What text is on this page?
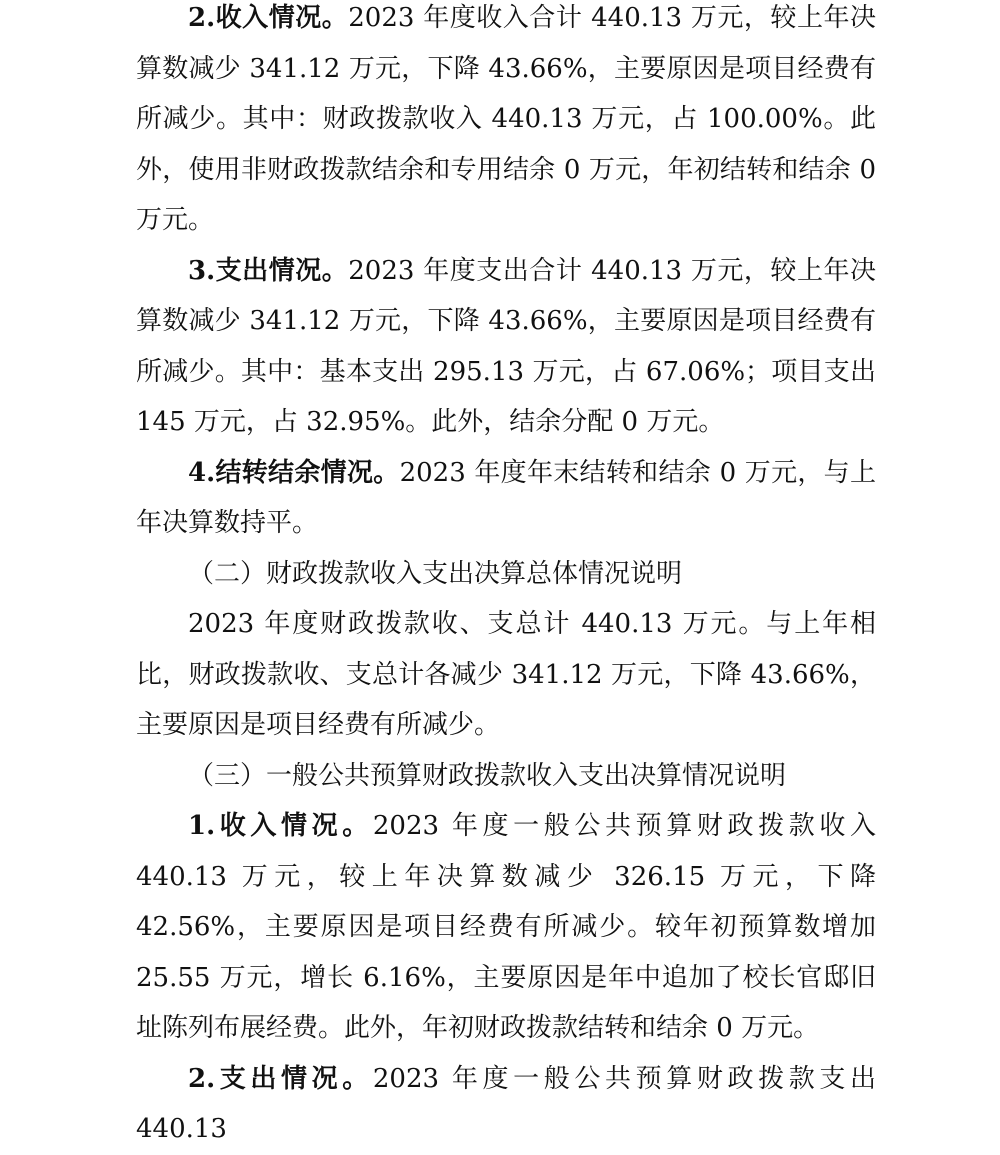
2.收入情况。2023 年度收入合计 440.13 万元，较上年决算数减少 341.12 万元，下降 43.66%，主要原因是项目经费有所减少。其中：财政拨款收入 440.13 万元，占 100.00%。此外，使用非财政拨款结余和专用结余 0 万元，年初结转和结余 0 万元。

3.支出情况。2023 年度支出合计 440.13 万元，较上年决算数减少 341.12 万元，下降 43.66%，主要原因是项目经费有所减少。其中：基本支出 295.13 万元，占 67.06%；项目支出 145 万元，占 32.95%。此外，结余分配 0 万元。

4.结转结余情况。2023 年度年末结转和结余 0 万元，与上年决算数持平。

（二）财政拨款收入支出决算总体情况说明

2023 年度财政拨款收、支总计 440.13 万元。与上年相比，财政拨款收、支总计各减少 341.12 万元，下降 43.66%，主要原因是项目经费有所减少。

（三）一般公共预算财政拨款收入支出决算情况说明

1.收入情况。2023 年度一般公共预算财政拨款收入 440.13 万元，较上年决算数减少 326.15 万元，下降 42.56%，主要原因是项目经费有所减少。较年初预算数增加 25.55 万元，增长 6.16%，主要原因是年中追加了校长官邸旧址陈列布展经费。此外，年初财政拨款结转和结余 0 万元。

2.支出情况。2023 年度一般公共预算财政拨款支出 440.13
